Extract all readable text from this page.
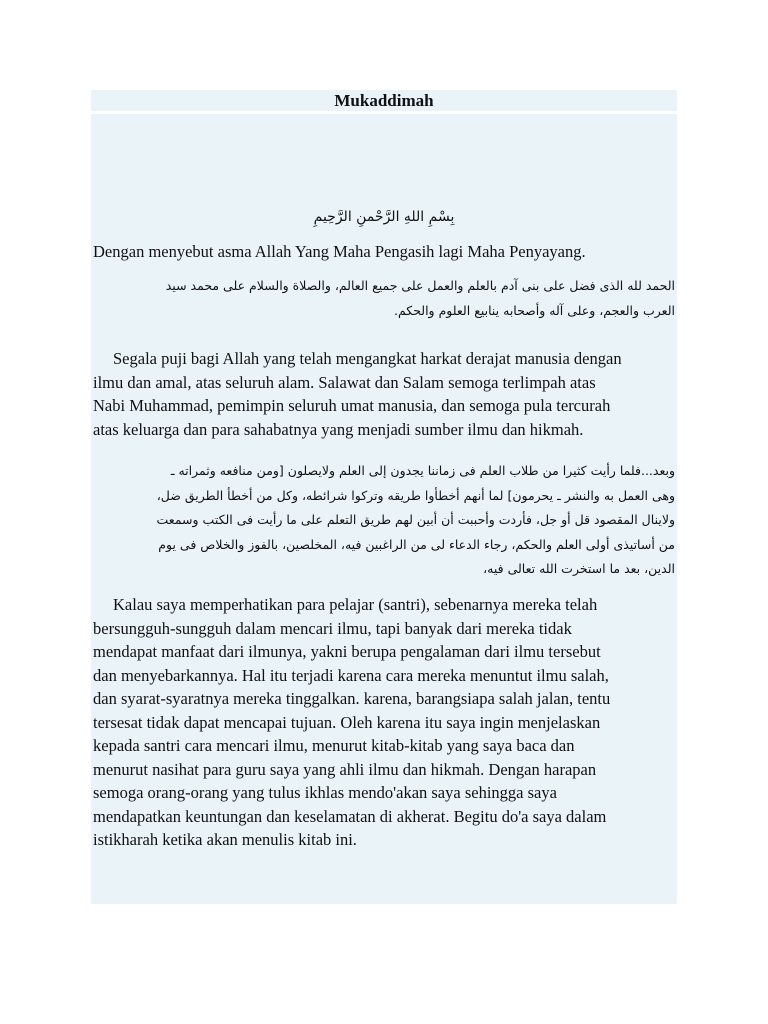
Mukaddimah
بِسْمِ اللهِ الرَّحْمنِ الرَّحِيمِ
Dengan menyebut asma Allah Yang Maha Pengasih lagi Maha Penyayang.
الحمد لله الذى فضل على بنى آدم بالعلم والعمل على جميع العالم، والصلاة والسلام على محمد سيد
العرب والعجم، وعلى آله وأصحابه ينابيع العلوم والحكم.
Segala puji bagi Allah yang telah mengangkat harkat derajat manusia dengan
ilmu dan amal, atas seluruh alam. Salawat dan Salam semoga terlimpah atas
Nabi Muhammad, pemimpin seluruh umat manusia, dan semoga pula tercurah
atas keluarga dan para sahabatnya yang menjadi sumber ilmu dan hikmah.
وبعد...فلما رأيت كثيرا من طلاب العلم فى زماننا يجدون إلى العلم ولايصلون [ومن منافعه وثمراته ـ
وهى العمل به والنشر ـ يحرمون] لما أنهم أخطأوا طريقه وتركوا شرائطه، وكل من أخطأ الطريق ضل،
ولاينال المقصود قل أو جل، فأردت وأحببت أن أبين لهم طريق التعلم على ما رأيت فى الكتب وسمعت
من أساتيذى أولى العلم والحكم، رجاء الدعاء لى من الراغبين فيه، المخلصين، بالفوز والخلاص فى يوم
الدين، بعد ما استخرت الله تعالى فيه،
Kalau saya memperhatikan para pelajar (santri), sebenarnya mereka telah
bersungguh-sungguh dalam mencari ilmu, tapi banyak dari mereka tidak
mendapat manfaat dari ilmunya, yakni berupa pengalaman dari ilmu tersebut
dan menyebarkannya. Hal itu terjadi karena cara mereka menuntut ilmu salah,
dan syarat-syaratnya mereka tinggalkan. karena, barangsiapa salah jalan, tentu
tersesat tidak dapat mencapai tujuan. Oleh karena itu saya ingin menjelaskan
kepada santri cara mencari ilmu, menurut kitab-kitab yang saya baca dan
menurut nasihat para guru saya yang ahli ilmu dan hikmah. Dengan harapan
semoga orang-orang yang tulus ikhlas mendo'akan saya sehingga saya
mendapatkan keuntungan dan keselamatan di akherat. Begitu do'a saya dalam
istikharah ketika akan menulis kitab ini.
